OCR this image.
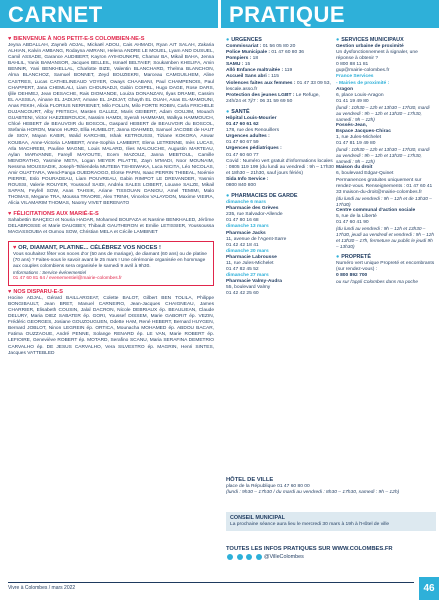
CARNET	PRATIQUE
♥ BIENVENUE À NOS PETIT-E-S COLOMBIEN-NE-S
Jeyna ABDALLAH, Zayneb ADJAL, Mickaël ADOU, Cais AHMADI, Ryan AIT SALAH, Zakaria ALHIAN, Kalvin AMBANG, Rodayna AMRANI, Helena ANDRE LE MOUEL, Lyam AND DUSUEL, Camil ASSADE, Garance AUDIBERT, Kayron AYIHOUNKPE, Chamar BA, Mikail BAHA, Jenna BAHLIL, Yanis BAMANSOR, Jacques BELLEIL, Ismaël BELTAIEF, Soukaïnben KHELIFA, Amin BENNIR, Yani BENKHELLAL, Charlotte BIZE, Valentin BLANCHARD, Thelma BLANCHON, Alma BLANCHOZ, Samuel BONNET, Zeyd BOUZIEKRI, Marceau CAMGUILHEM, Aline CASTRES, Lucas CATHELINEAUD VOYER, Oways CHAABANI, Paul CHAMPENOIS, Paul CHAPPERT, Jana CHEMLALI, Liam CHOUNADJI, Gabin COIPEL, Hugo DAGE, Rose DARS, Ijlile DEHMEJ, Jean DESACHE, Rais DIOMANDE, Louiza DONANZAN, Ilyas DRAME, Cassim EL AASSILA, Ainane EL JADIJAT, Amane EL JADIJAT, Ghayth EL OUAH, Anas EL-MAMOUNI, Anas FEKIH, Alixia FLORIUS NERRIENET, Milo FOLLIN, Milo FORTE ROBIN, Carla FRICHELE DUJANCOURT, Alby FRITSCH, Masten GALLEZ, Maris GEIBERT, Adam GOUJIM, Mouach GUABTENI, Victor HAEZEBROUCK, Nassim HAMDI, Syerah HAMMAMI, Walkya HAMMOUCH, Chloé HEBERT de BEAUVOIR du BOSCOL, Gaspard HEBERT de BEAUVOIR du BOSCOL, Stefania HORON, Manon HURD, Ellia HUMBLOT, Janna IDAHMED, Samuel JACOBE de HAUT de SIGY, Mayan KABIR, Walid KARCHIB, Ishak KETROUSSI, Tiziane KOKORA, Anwar KOUBAA, Anne-Victoria LAMBERT, Anne-Sophia LAMBERT, Elena LETRENNE, Inès LUCAS, Aïla MACHREBI, Pauline MAGNE, Louis MALARD, Ilies MALOUCHE, Augustin MARTEAU, Aylan MARVANNE, Fareyll MAYOUTE, Ecem MAZOUZ, Janna MEBTOUL, Camille MENORATHO, Yasmine META, Logan MEYER PILATTE, Zayn M'MADI, Noor MOUNAIM, Nessma MOUSSADIK, Joseph-Tshiendela MUTEBA TSHISWAKA, Luca NICITA, Léo NICOLAS, Amir OUATTARA, Wend-Panga OUEDRAOGO, Eloïse PAPIN, Isaac PERRIN THIBEAL, Noémie PIERRE, Eslo POURADEAU, Liam POUVREAU, Gabin RIMPOT LE DREVANDER, Yasmin ROUSSI, Valerie ROUYER, Youssouf SAIDI, Andréa SALES LOBERT, Louane SALZE, Mikail SAPAN, Feyfell SOW, Anas TAHSIK, Ariane TISSOUAN DANIOU, Amel TEMIMI, Malo THOMAS, Megane TRA, Moussa TRAORE, Alex TRINH, Vincelov VALAYDON, Maxime VIEIRA, Alicia VILAMARIM THOMAS, Naomy VIVET BERENATO
♥ FÉLICITATIONS AUX MARIÉ-E-S
Sahabettin BAHÇECI et Nouria HADAR, Mohamed BOUFAZA et Nasrine BENKHALED, Jérôme DELABROSSE et Marie DAUGBEY, Thibault GAUTHERON et Emilie LETISSIER, Youssoussa MAGASSOUBA et Oumou SOW, Christian MELA et Cécile LAMBINET
♥ OR, DIAMANT, PLATINE... CÉLÉBREZ VOS NOCES !
Vous souhaitez fêter vos noces d'or (50 ans de mariage), de diamant (60 ans) ou de platine (70 ans) ? Faites-nous le savoir avant le 25 mars ! Une cérémonie organisée en hommage aux couples colombiens sera organisée le samedi 9 avril à 9h30.
Informations : Service événementiel
01 47 60 81 64 / evenementiel@mairie-colombes.fr
♥ NOS DISPARU-E-S
Hocine ADJAL, Gérard BAILLARGEAT, Colette BALOT, Gilbert BEN TOLILA, Philippe BONGIBAULT, Jean BRET, Manuel CARNEIRO, Jean-Jacques CHAIGNEAU, James CHARRIER, Elisabeth COUSIN, Jalal DACRON, Nicole DEBRIAUX ép. BEAULIEAN, Claude DELURY, Maria DIEZ SABATER ép. GORI, Youssef DISSEM, Marie GABORIT ép. VEZIN, Frédéric GEORGES, Josiane GOUZOUGUEN, Odette HAM, René HEBERT, Bernard HUYGEN, Bernard JOBLOT, Ninon LEGREIN ép. ORTICA, Mounacha MOHAMED ép. ABDOU BACAR, Fatima OUZZAOUE, André PENNE, Solange RENARD ép. LE VAN, Marie ROBERT ép. LEFIOIRE, Geneviève ROBERT ép. MOTARD, Serafino SCANU, Maria SERAFINA DEMETRIO CARVALHO ép. DE JESUS CARVALHO, Vera SILVESTRO ép. MAGRIN, Henri SINTES, Jacques VATTEBLED
● URGENCES
Commissariat : 01 56 05 80 20
Police Municipale : 01 47 60 80 36
Pompiers : 18
SAMU : 15
Allô Enfance maltraitée : 119
Accueil Sans abri : 115
Violences faites aux femmes : 01 47 33 09 53, lescale.asso.fr
Protection des jeunes LGBT : Le Refuge, 24h/24 et 7j/7 : 06 31 59 69 50
● SANTÉ
Hôpital Louis-Mourier
01 47 60 61 62
178, rue des Renouillers
Urgences adultes :
01 47 60 67 59
Urgences pédiatriques :
01 47 60 60 77
Covid : Numéro vert gratuit d'informations locales : 0805 119 199 (du lundi au vendredi : 9h – 17h30 et 18h30 – 21h30, sauf jours fériés)
Sida Info Service :
0800 840 800
● PHARMACIES DE GARDE
dimanche 6 mars
Pharmacie des Grèves
235, rue Salvador-Allende
01 47 80 16 68
dimanche 13 mars
Pharmacie Jacks
11, avenue de l'Agent-Sarre
01 42 42 18 41
dimanche 20 mars
Pharmacie Labrousse
11, rue Jules-Michelet
01 47 82 45 52
dimanche 27 mars
Pharmacie Valmy-Audra
55, boulevard Valmy
01 42 42 25 60
● SERVICES MUNICIPAUX
Gestion urbaine de proximité
Un dysfonctionnement à signaler, une réponse à obtenir ?
0 800 88 11 81
gup@mairie-colombes.fr
France Services
- Mairies de proximité :
Aragon
6, place Louis-Aragon
01 41 19 49 80
(lundi : 10h30 – 12h et 13h30 – 17h30, mardi au vendredi : 9h – 12h et 13h30 – 17h30, samedi : 9h – 12h)
Fossés-Jean,
Espace Jacques-Chirac
1, rue Jules-Michelet
01 47 81 19 49 80
(lundi : 10h30 – 12h et 13h30 – 17h30, mardi au vendredi : 9h – 12h et 13h30 – 17h30, samedi : 9h – 12h)
Maison du droit
6, boulevard Edgar-Quinet
Permanences gratuites uniquement sur rendez-vous. Renseignements : 01 47 60 41 33 maison-du-droit@mairie-colombes.fr
(du lundi au vendredi : 9h – 12h et de 13h30 – 17h30)
Centre communal d'action sociale
5, rue de la Liberté
01 47 60 41 90
(du lundi au vendredi : 9h – 12h et 13h30 – 17h30, jeudi au vendredi et vendredi : 9h – 12h et 13h30 – 17h, fermeture au public le jeudi 9h – 13h30)
● PROPRETÉ
Numéro vert unique Propreté et encombrants (sur rendez-vous) :
0 800 892 700
ou sur l'appli Colombes dans ma poche
HÔTEL DE VILLE
place de la République 01 47 60 80 00
(lundi : 9h30 – 17h30 / du mardi au vendredi : 8h30 – 17h30, samedi : 9h – 12h)
CONSEIL MUNICIPAL
La prochaine séance aura lieu le mercredi 30 mars à 19h à l'Hôtel de ville
TOUTES LES INFOS PRATIQUES SUR WWW.COLOMBES.FR
@VilleColombes
Vivre à Colombes / mars 2022	46
